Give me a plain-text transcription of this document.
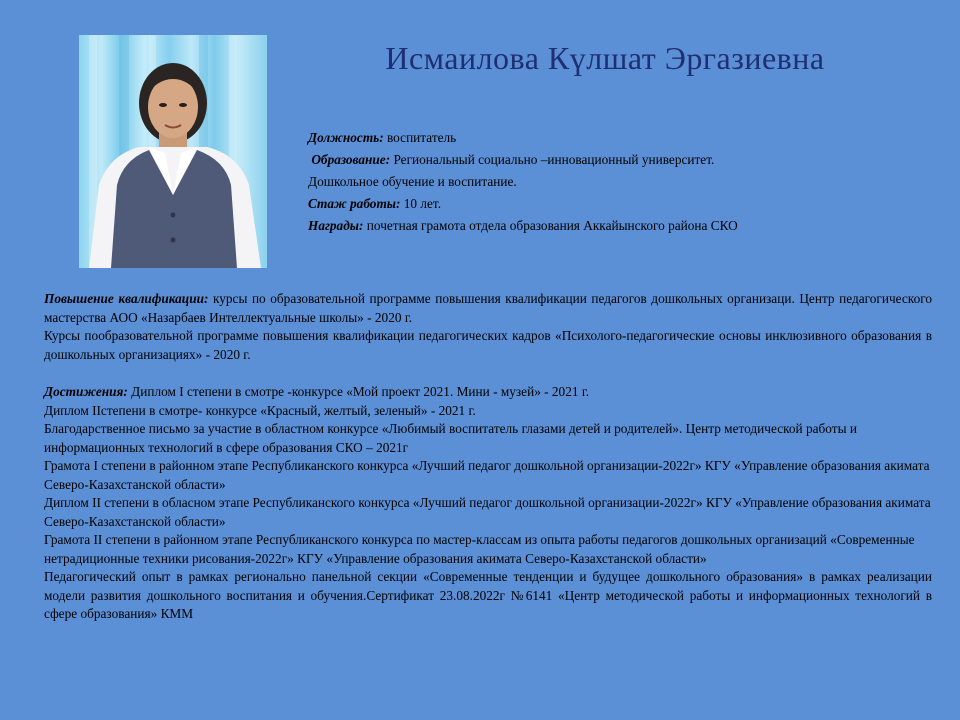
Исмаилова Күлшат Эргазиевна

Должность: воспитатель

Образование: Региональный социально –инновационный университет.

Дошкольное обучение и воспитание.

Стаж работы: 10 лет.

Награды: почетная грамота отдела образования Аккайынского района СКО

Повышение квалификации: курсы по образовательной программе повышения квалификации педагогов дошкольных организаци. Центр педагогического мастерства АОО «Назарбаев Интеллектуальные школы» - 2020 г.

Курсы пообразовательной программе повышения квалификации педагогических кадров «Психолого-педагогические основы инклюзивного образования в дошкольных организациях» - 2020 г.

Достижения: Диплом I степени в смотре -конкурсе «Мой проект 2021. Мини - музей» - 2021 г.

Диплом IIстепени в смотре- конкурсе «Красный, желтый, зеленый» - 2021 г.

Благодарственное письмо за участие в областном конкурсе «Любимый воспитатель глазами детей и родителей». Центр методической работы и информационных технологий в сфере образования СКО – 2021г

Грамота I степени в районном этапе Республиканского конкурса «Лучший педагог дошкольной организации-2022г» КГУ «Управление образования акимата Северо-Казахстанской области»

Диплом II степени в обласном этапе Республиканского конкурса «Лучший педагог дошкольной организации-2022г» КГУ «Управление образования акимата Северо-Казахстанской области»

Грамота II степени в районном этапе Республиканского конкурса по мастер-классам из опыта работы педагогов дошкольных организаций «Современные нетрадиционные техники рисования-2022г» КГУ «Управление образования акимата Северо-Казахстанской области»

Педагогический опыт в рамках регионально панельной секции «Современные тенденции и будущее дошкольного образования» в рамках реализации модели развития дошкольного воспитания и обучения.Сертификат 23.08.2022г №6141 «Центр методической работы и информационных технологий в сфере образования» КММ
